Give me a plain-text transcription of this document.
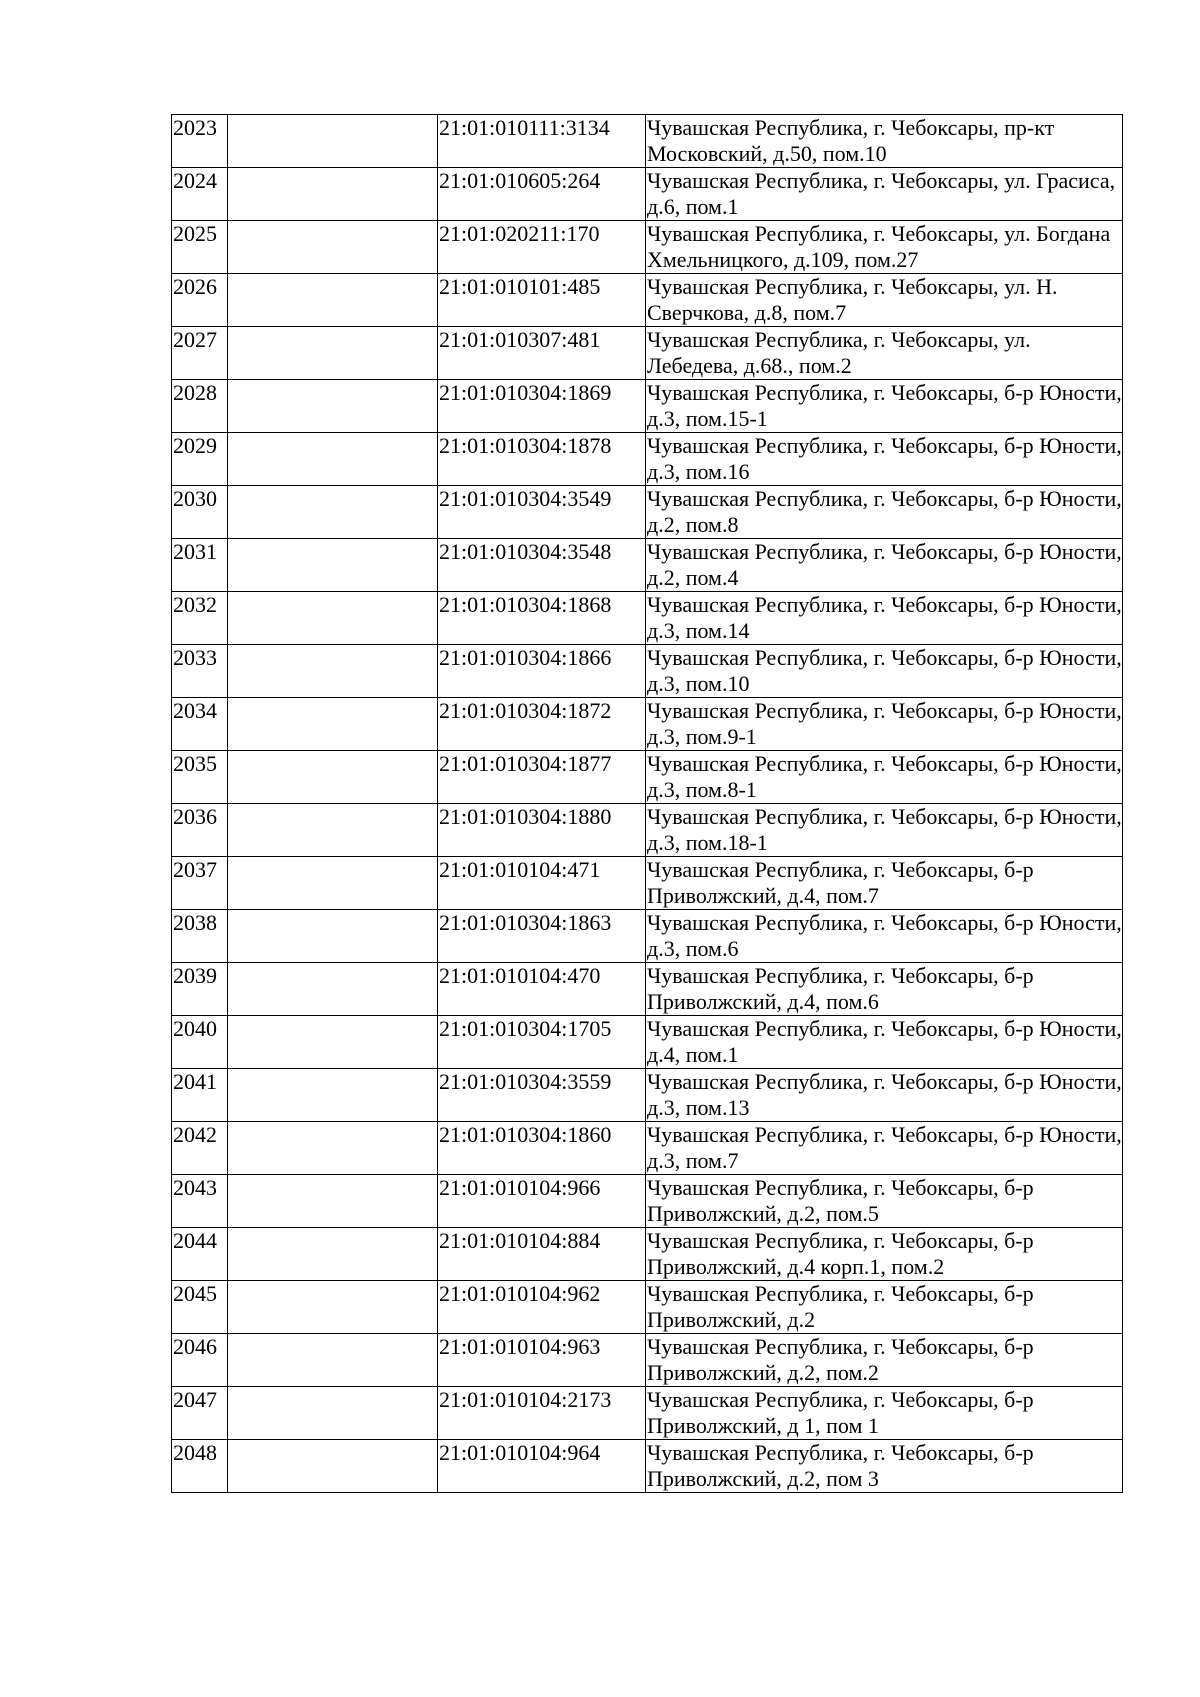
2023		21:01:010111:3134	Чувашская Республика, г. Чебоксары, пр-кт Московский, д.50, пом.10
2024		21:01:010605:264	Чувашская Республика, г. Чебоксары, ул. Грасиса, д.6, пом.1
2025		21:01:020211:170	Чувашская Республика, г. Чебоксары, ул. Богдана Хмельницкого, д.109, пом.27
2026		21:01:010101:485	Чувашская Республика, г. Чебоксары, ул. Н. Сверчкова, д.8, пом.7
2027		21:01:010307:481	Чувашская Республика, г. Чебоксары, ул. Лебедева, д.68., пом.2
2028		21:01:010304:1869	Чувашская Республика, г. Чебоксары, б-р Юности, д.3, пом.15-1
2029		21:01:010304:1878	Чувашская Республика, г. Чебоксары, б-р Юности, д.3, пом.16
2030		21:01:010304:3549	Чувашская Республика, г. Чебоксары, б-р Юности, д.2, пом.8
2031		21:01:010304:3548	Чувашская Республика, г. Чебоксары, б-р Юности, д.2, пом.4
2032		21:01:010304:1868	Чувашская Республика, г. Чебоксары, б-р Юности, д.3, пом.14
2033		21:01:010304:1866	Чувашская Республика, г. Чебоксары, б-р Юности, д.3, пом.10
2034		21:01:010304:1872	Чувашская Республика, г. Чебоксары, б-р Юности, д.3, пом.9-1
2035		21:01:010304:1877	Чувашская Республика, г. Чебоксары, б-р Юности, д.3, пом.8-1
2036		21:01:010304:1880	Чувашская Республика, г. Чебоксары, б-р Юности, д.3, пом.18-1
2037		21:01:010104:471	Чувашская Республика, г. Чебоксары, б-р Приволжский, д.4, пом.7
2038		21:01:010304:1863	Чувашская Республика, г. Чебоксары, б-р Юности, д.3, пом.6
2039		21:01:010104:470	Чувашская Республика, г. Чебоксары, б-р Приволжский, д.4, пом.6
2040		21:01:010304:1705	Чувашская Республика, г. Чебоксары, б-р Юности, д.4, пом.1
2041		21:01:010304:3559	Чувашская Республика, г. Чебоксары, б-р Юности, д.3, пом.13
2042		21:01:010304:1860	Чувашская Республика, г. Чебоксары, б-р Юности, д.3, пом.7
2043		21:01:010104:966	Чувашская Республика, г. Чебоксары, б-р Приволжский, д.2, пом.5
2044		21:01:010104:884	Чувашская Республика, г. Чебоксары, б-р Приволжский, д.4 корп.1, пом.2
2045		21:01:010104:962	Чувашская Республика, г. Чебоксары, б-р Приволжский, д.2
2046		21:01:010104:963	Чувашская Республика, г. Чебоксары, б-р Приволжский, д.2, пом.2
2047		21:01:010104:2173	Чувашская Республика, г. Чебоксары, б-р Приволжский, д 1, пом 1
2048		21:01:010104:964	Чувашская Республика, г. Чебоксары, б-р Приволжский, д.2, пом 3
